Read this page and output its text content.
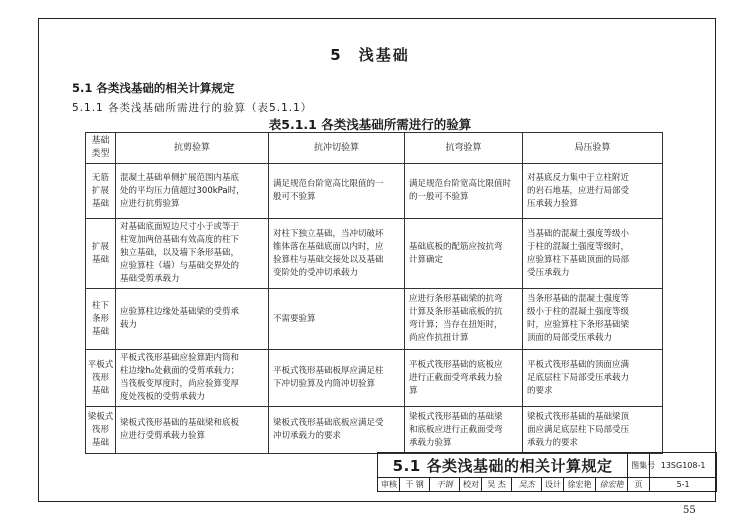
5 浅基础
5.1 各类浅基础的相关计算规定
5.1.1 各类浅基础所需进行的验算（表5.1.1）
表5.1.1 各类浅基础所需进行的验算
基础
类型	抗剪验算	抗冲切验算	抗弯验算	局压验算

无筋
扩展
基础	混凝土基础单侧扩展范围内基底
处的平均压力值超过300kPa时，
应进行抗剪验算	满足规范台阶宽高比限值的一
般可不验算	满足规范台阶宽高比限值时
的一般可不验算	对基底反力集中于立柱附近
的岩石地基，应进行局部受
压承载力验算

扩展
基础	对基础底面短边尺寸小于或等于
柱宽加两倍基础有效高度的柱下
独立基础，以及墙下条形基础，
应验算柱（墙）与基础交界处的
基础受剪承载力	对柱下独立基础，当冲切破坏
锥体落在基础底面以内时，应
验算柱与基础交接处以及基础
变阶处的受冲切承载力	基础底板的配筋应按抗弯
计算确定	当基础的混凝土强度等级小
于柱的混凝土强度等级时，
应验算柱下基础顶面的局部
受压承载力

柱下
条形
基础	应验算柱边缘处基础梁的受剪承
载力	不需要验算	应进行条形基础梁的抗弯
计算及条形基础底板的抗
弯计算；当存在扭矩时，
尚应作抗扭计算	当条形基础的混凝土强度等
级小于柱的混凝土强度等级
时，应验算柱下条形基础梁
顶面的局部受压承载力

平板式
筏形
基础	平板式筏形基础应验算距内筒和
柱边缘h₀处截面的受剪承载力；
当筏板变厚度时，尚应验算变厚
度处筏板的受剪承载力	平板式筏形基础板厚应满足柱
下冲切验算及内筒冲切验算	平板式筏形基础的底板应
进行正截面受弯承载力验
算	平板式筏形基础的顶面应满
足底层柱下局部受压承载力
的要求

梁板式
筏形
基础	梁板式筏形基础的基础梁和底板
应进行受剪承载力验算	梁板式筏形基础底板应满足受
冲切承载力的要求	梁板式筏形基础的基础梁
和底板应进行正截面受弯
承载力验算	梁板式筏形基础的基础梁顶
面应满足底层柱下局部受压
承载力的要求
5.1 各类浅基础的相关计算规定									图集号	13SG108-1
审核	干 钢	干钢	校对	吴 杰	吴杰	设计	徐宏艳	徐宏艳	页	5-1
55
